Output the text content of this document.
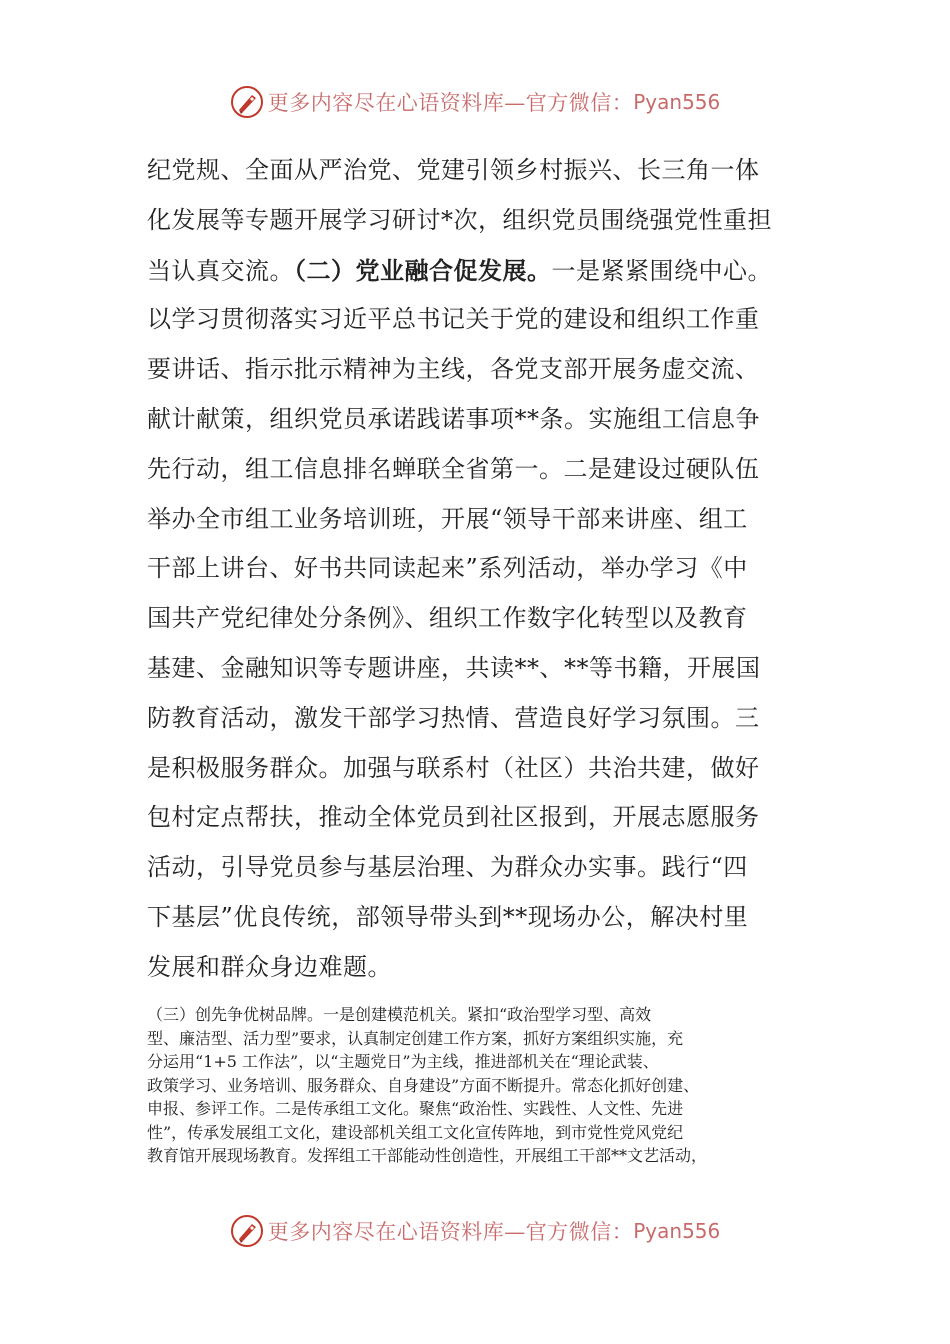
更多内容尽在心语资料库—官方微信： Pyan556
纪党规、全面从严治党、党建引领乡村振兴、长三角一体
化发展等专题开展学习研讨*次，组织党员围绕强党性重担
当认真交流。（二）党业融合促发展。一是紧紧围绕中心。
以学习贯彻落实习近平总书记关于党的建设和组织工作重
要讲话、指示批示精神为主线，各党支部开展务虚交流、
献计献策，组织党员承诺践诺事项**条。实施组工信息争
先行动，组工信息排名蝉联全省第一。二是建设过硬队伍
举办全市组工业务培训班，开展“领导干部来讲座、组工
干部上讲台、好书共同读起来”系列活动，举办学习《中
国共产党纪律处分条例》、组织工作数字化转型以及教育
基建、金融知识等专题讲座，共读**、**等书籍，开展国
防教育活动，激发干部学习热情、营造良好学习氛围。三
是积极服务群众。加强与联系村（社区）共治共建，做好
包村定点帮扶，推动全体党员到社区报到，开展志愿服务
活动，引导党员参与基层治理、为群众办实事。践行“四
下基层”优良传统，部领导带头到**现场办公，解决村里
发展和群众身边难题。
（三）创先争优树品牌。一是创建模范机关。紧扣“政治型学习型、高效
型、廉洁型、活力型”要求，认真制定创建工作方案，抓好方案组织实施，充
分运用“1+5 工作法”，以“主题党日”为主线，推进部机关在“理论武装、
政策学习、业务培训、服务群众、自身建设”方面不断提升。常态化抓好创建、
申报、参评工作。二是传承组工文化。聚焦“政治性、实践性、人文性、先进
性”，传承发展组工文化，建设部机关组工文化宣传阵地，到市党性党风党纪
教育馆开展现场教育。发挥组工干部能动性创造性，开展组工干部**文艺活动，
更多内容尽在心语资料库—官方微信： Pyan556
